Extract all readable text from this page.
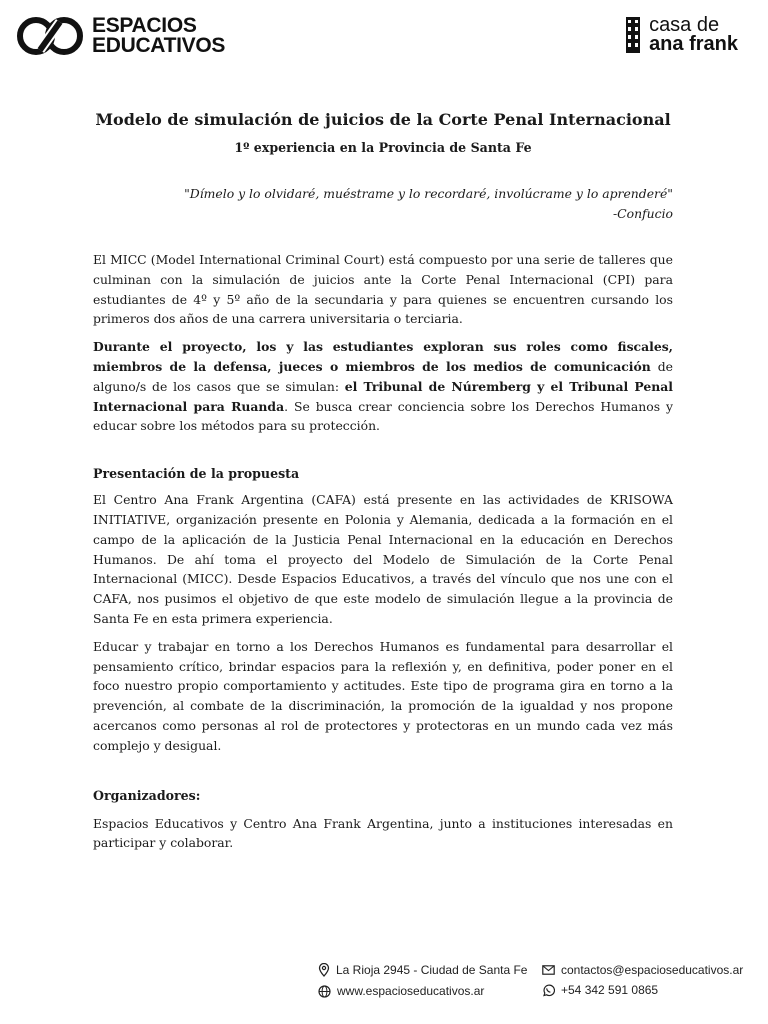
ESPACIOS
EDUCATIVOS
casa de
ana frank
Modelo de simulación de juicios de la Corte Penal Internacional
1º experiencia en la Provincia de Santa Fe
"Dímelo y lo olvidaré, muéstrame y lo recordaré, involúcrame y lo aprenderé"
-Confucio

El MICC (Model International Criminal Court) está compuesto por una serie de talleres que culminan con la simulación de juicios ante la Corte Penal Internacional (CPI) para estudiantes de 4º y 5º año de la secundaria y para quienes se encuentren cursando los primeros dos años de una carrera universitaria o terciaria.

Durante el proyecto, los y las estudiantes exploran sus roles como fiscales, miembros de la defensa, jueces o miembros de los medios de comunicación de alguno/s de los casos que se simulan: el Tribunal de Núremberg y el Tribunal Penal Internacional para Ruanda. Se busca crear conciencia sobre los Derechos Humanos y educar sobre los métodos para su protección.

Presentación de la propuesta

El Centro Ana Frank Argentina (CAFA) está presente en las actividades de KRISOWA INITIATIVE, organización presente en Polonia y Alemania, dedicada a la formación en el campo de la aplicación de la Justicia Penal Internacional en la educación en Derechos Humanos. De ahí toma el proyecto del Modelo de Simulación de la Corte Penal Internacional (MICC). Desde Espacios Educativos, a través del vínculo que nos une con el CAFA, nos pusimos el objetivo de que este modelo de simulación llegue a la provincia de Santa Fe en esta primera experiencia.

Educar y trabajar en torno a los Derechos Humanos es fundamental para desarrollar el pensamiento crítico, brindar espacios para la reflexión y, en definitiva, poder poner en el foco nuestro propio comportamiento y actitudes. Este tipo de programa gira en torno a la prevención, al combate de la discriminación, la promoción de la igualdad y nos propone acercanos como personas al rol de protectores y protectoras en un mundo cada vez más complejo y desigual.

Organizadores:

Espacios Educativos y Centro Ana Frank Argentina, junto a instituciones interesadas en participar y colaborar.

La Rioja 2945 - Ciudad de Santa Fe
www.espacioseducativos.ar
contactos@espacioseducativos.ar
+54 342 591 0865
